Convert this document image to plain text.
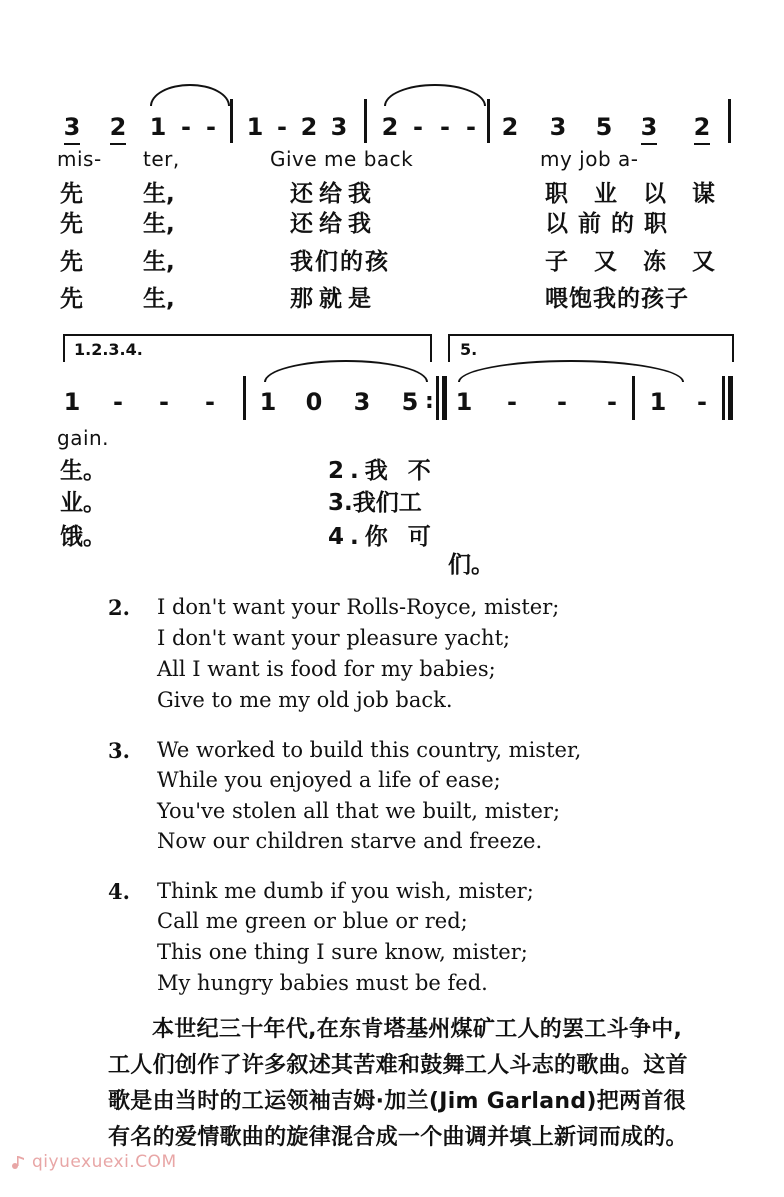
3 2 1 - - 1 - 2 3 2 - - - 2 3 5 3 2
mis- ter,	Give me back	my job a-
先	生,	还给我	职业以谋
先	生,	还给我	以前的职
先	生,	我们的孩	子又冻又
先	生,	那就是	喂饱我的孩子
1.2.3.4.	5.
1 - - - 1 0 3 5 1 - - - 1 -
:
gain.
生。	2.我 不
业。	3.我们工
饿。	4.你 可
们。
2. I don't want your Rolls-Royce, mister;
I don't want your pleasure yacht;
All I want is food for my babies;
Give to me my old job back.
3. We worked to build this country, mister,
While you enjoyed a life of ease;
You've stolen all that we built, mister;
Now our children starve and freeze.
4. Think me dumb if you wish, mister;
Call me green or blue or red;
This one thing I sure know, mister;
My hungry babies must be fed.
本世纪三十年代,在东肯塔基州煤矿工人的罢工斗争中,
工人们创作了许多叙述其苦难和鼓舞工人斗志的歌曲。这首
歌是由当时的工运领袖吉姆·加兰(Jim Garland)把两首很
有名的爱情歌曲的旋律混合成一个曲调并填上新词而成的。
qiyuexuexi.COM
